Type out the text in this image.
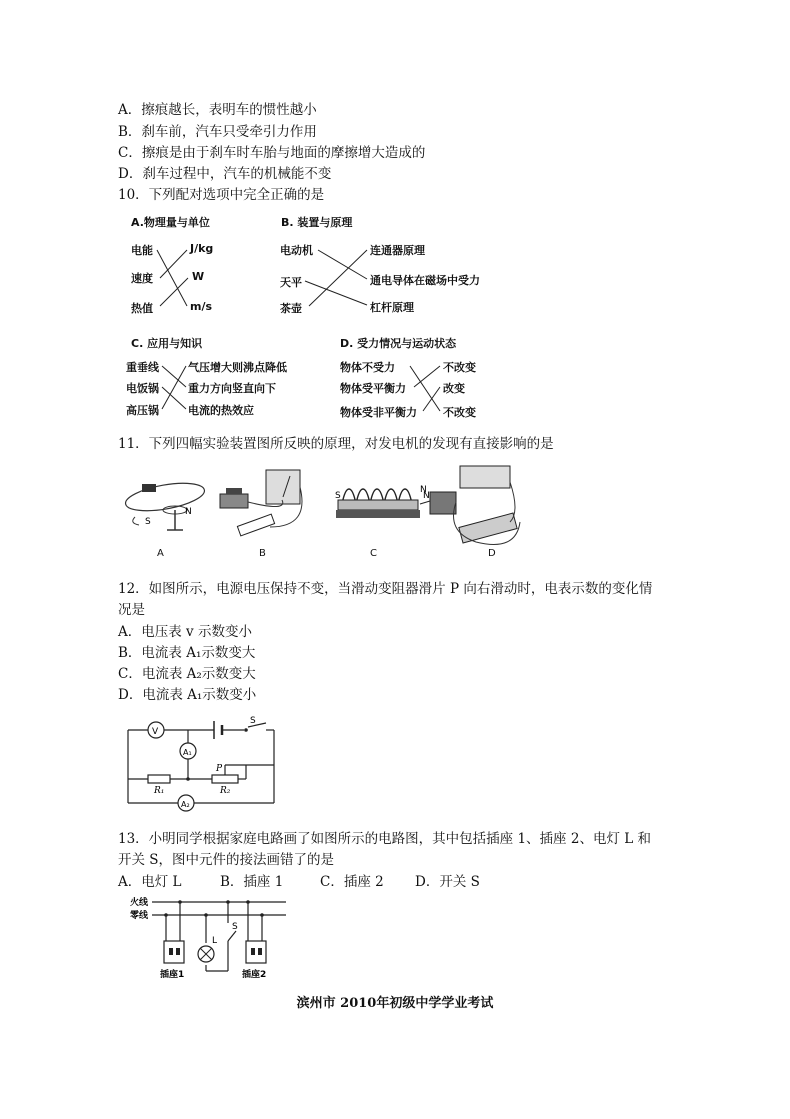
A．擦痕越长，表明车的惯性越小
B．刹车前，汽车只受牵引力作用
C．擦痕是由于刹车时车胎与地面的摩擦增大造成的
D．刹车过程中，汽车的机械能不变
10．下列配对选项中完全正确的是
A.物理量与单位
电能
速度
热值
J/kg
W
m/s
B. 装置与原理
电动机
天平
茶壶
连通器原理
通电导体在磁场中受力
杠杆原理
C. 应用与知识
重垂线
电饭锅
高压锅
气压增大则沸点降低
重力方向竖直向下
电流的热效应
D. 受力情况与运动状态
物体不受力
物体受平衡力
物体受非平衡力
不改变
改变
不改变
11．下列四幅实验装置图所反映的原理，对发电机的发现有直接影响的是
S
N
S	N
N
A	B	C	D
12．如图所示，电源电压保持不变，当滑动变阻器滑片 P 向右滑动时，电表示数的变化情
况是
A．电压表 v 示数变小
B．电流表 A₁示数变大
C．电流表 A₂示数变大
D．电流表 A₁示数变小
V
A₁
A₂
S
P
R₁	R₂
13．小明同学根据家庭电路画了如图所示的电路图，其中包括插座 1、插座 2、电灯 L 和
开关 S，图中元件的接法画错了的是
A．电灯 L	B．插座 1	C．插座 2 D．开关 S
火线
零线
L
S
插座1	插座2
滨州市 2010年初级中学学业考试
